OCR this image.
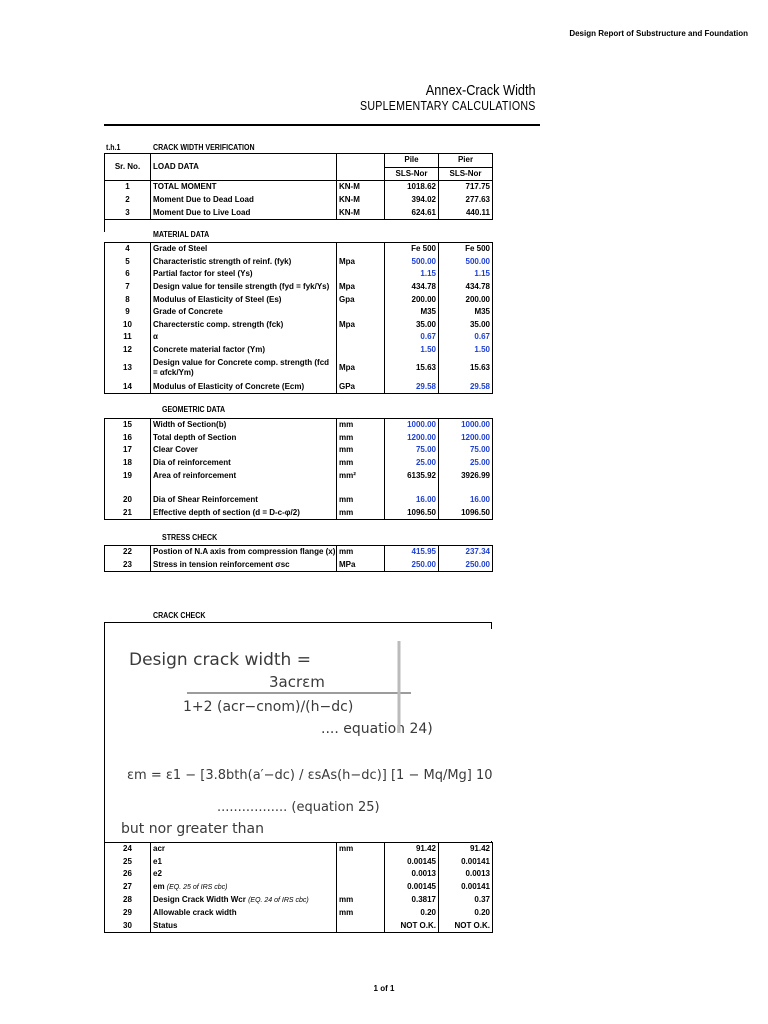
Design Report of Substructure and Foundation
Annex-Crack Width
SUPLEMENTARY CALCULATIONS
t.h.1	CRACK WIDTH VERIFICATION
Sr. No.	LOAD DATA		Pile	Pier
			SLS-Nor	SLS-Nor
1	TOTAL MOMENT	KN-M	1018.62	717.75
2	Moment Due to Dead Load	KN-M	394.02	277.63
3	Moment Due to Live Load	KN-M	624.61	440.11
MATERIAL DATA
4	Grade of Steel		Fe 500	Fe 500
5	Characteristic strength of reinf. (fyk)	Mpa	500.00	500.00
6	Partial factor for steel (Ys)		1.15	1.15
7	Design value for tensile strength (fyd = fyk/Ys)	Mpa	434.78	434.78
8	Modulus of Elasticity of Steel (Es)	Gpa	200.00	200.00
9	Grade of Concrete		M35	M35
10	Charecterstic comp. strength (fck)	Mpa	35.00	35.00
11	α		0.67	0.67
12	Concrete material factor (Ym)		1.50	1.50
13	Design value for Concrete comp. strength (fcd = αfck/Ym)	Mpa	15.63	15.63
14	Modulus of Elasticity of Concrete (Ecm)	GPa	29.58	29.58
GEOMETRIC DATA
15	Width of Section(b)	mm	1000.00	1000.00
16	Total depth of Section	mm	1200.00	1200.00
17	Clear Cover	mm	75.00	75.00
18	Dia of reinforcement	mm	25.00	25.00
19	Area of reinforcement	mm²	6135.92	3926.99

20	Dia of Shear Reinforcement	mm	16.00	16.00
21	Effective depth of section (d = D-c-φ/2)	mm	1096.50	1096.50
STRESS CHECK
22	Postion of N.A axis from compression flange (x)	mm	415.95	237.34
23	Stress in tension reinforcement σsc	MPa	250.00	250.00
CRACK CHECK
Design crack width =
3acrεm
1+2 (acr−cnom)/(h−dc)
.... equation 24)
εm = ε1 − [3.8bth(a′−dc) / εsAs(h−dc)] [1 − Mq/Mg] 10⁻⁹.
................. (equation 25)
but nor greater than
24	acr	mm	91.42	91.42
25	e1		0.00145	0.00141
26	e2		0.0013	0.0013
27	em (EQ. 25 of IRS cbc)		0.00145	0.00141
28	Design Crack Width Wcr (EQ. 24 of IRS cbc)	mm	0.3817	0.37
29	Allowable crack width	mm	0.20	0.20
30	Status		NOT O.K.	NOT O.K.
1 of 1
